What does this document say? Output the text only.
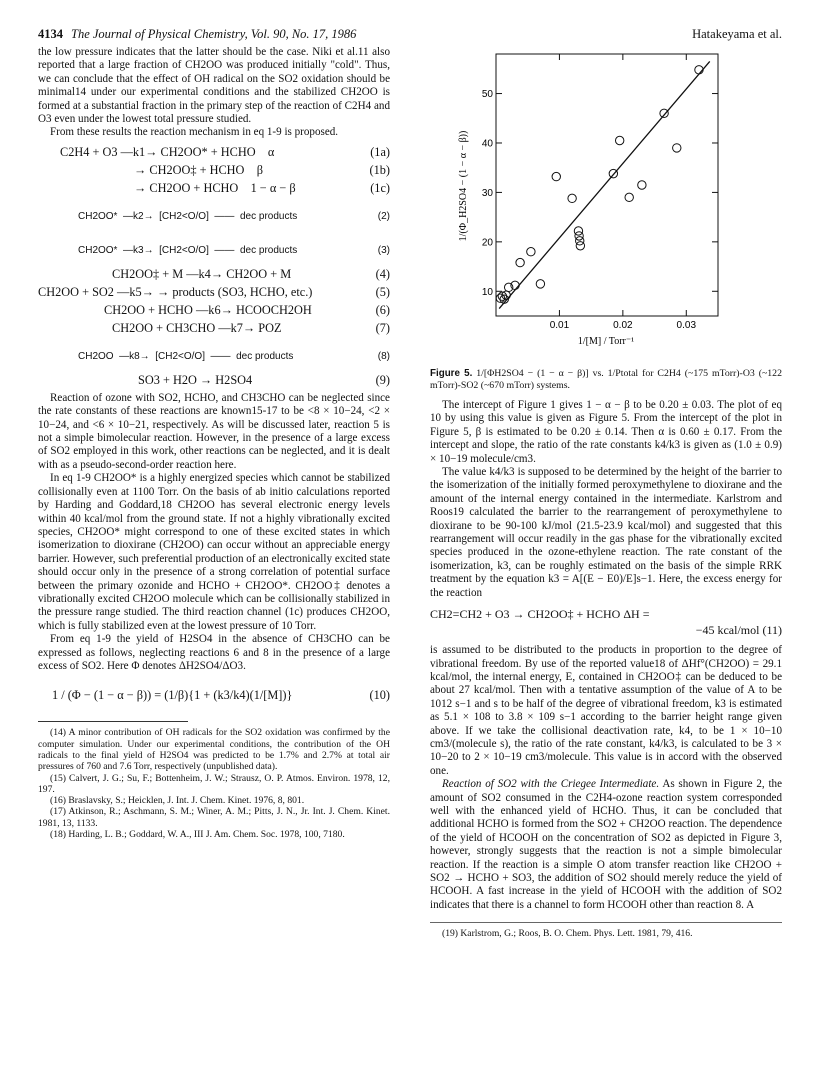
4134 The Journal of Physical Chemistry, Vol. 90, No. 17, 1986	Hatakeyama et al.

the low pressure indicates that the latter should be the case. Niki et al.11 also reported that a large fraction of CH2OO was produced initially "cold". Thus, we can conclude that the effect of OH radical on the SO2 oxidation should be minimal14 under our experimental conditions and the stabilized CH2OO is formed at a substantial fraction in the primary step of the reaction of C2H4 and O3 even under the lowest total pressure studied.

From these results the reaction mechanism in eq 1-9 is proposed.

C2H4 + O3 —k1→ CH2OO* + HCHO    α	(1a)
→ CH2OO‡ + HCHO    β	(1b)
→ CH2OO + HCHO    1 − α − β	(1c)
CH2OO*  —k2→  [CH2<O/O]  ——  dec products	(2)
CH2OO*  —k3→  [CH2<O/O]  ——  dec products	(3)
CH2OO‡ + M —k4→ CH2OO + M	(4)
CH2OO + SO2 —k5→ → products (SO3, HCHO, etc.)	(5)
CH2OO + HCHO —k6→ HCOOCH2OH	(6)
CH2OO + CH3CHO —k7→ POZ	(7)
CH2OO  —k8→  [CH2<O/O]  ——  dec products	(8)
SO3 + H2O → H2SO4	(9)

Reaction of ozone with SO2, HCHO, and CH3CHO can be neglected since the rate constants of these reactions are known15-17 to be <8 × 10−24, <2 × 10−24, and <6 × 10−21, respectively. As will be discussed later, reaction 5 is not a simple bimolecular reaction. However, in the presence of a large excess of SO2 employed in this work, other reactions can be neglected, and it is dealt with as a pseudo-second-order reaction here.

In eq 1-9 CH2OO* is a highly energized species which cannot be stabilized collisionally even at 1100 Torr. On the basis of ab initio calculations reported by Harding and Goddard,18 CH2OO has several electronic energy levels within 40 kcal/mol from the ground state. If not a highly vibrationally excited species, CH2OO* might correspond to one of these excited states in which isomerization to dioxirane (CH2OO) can occur without an appreciable energy barrier. However, such preferential production of an electronically excited state should occur only in the presence of a strong correlation of potential surface between the primary ozonide and HCHO + CH2OO*. CH2OO‡ denotes a vibrationally excited CH2OO molecule which can be collisionally stabilized in the pressure range studied. The third reaction channel (1c) produces CH2OO, which is fully stabilized even at the lowest pressure of 10 Torr.

From eq 1-9 the yield of H2SO4 in the absence of CH3CHO can be expressed as follows, neglecting reactions 6 and 8 in the presence of a large excess of SO2. Here Φ denotes ΔH2SO4/ΔO3.

1 / (Φ − (1 − α − β)) = (1/β){1 + (k3/k4)(1/[M])}	(10)

(14) A minor contribution of OH radicals for the SO2 oxidation was confirmed by the computer simulation. Under our experimental conditions, the contribution of the OH radicals to the final yield of H2SO4 was predicted to be 1.7% and 2.7% at total air pressures of 760 and 7.6 Torr, respectively (unpublished data).

(15) Calvert, J. G.; Su, F.; Bottenheim, J. W.; Strausz, O. P. Atmos. Environ. 1978, 12, 197.

(16) Braslavsky, S.; Heicklen, J. Int. J. Chem. Kinet. 1976, 8, 801.

(17) Atkinson, R.; Aschmann, S. M.; Winer, A. M.; Pitts, J. N., Jr. Int. J. Chem. Kinet. 1981, 13, 1133.

(18) Harding, L. B.; Goddard, W. A., III J. Am. Chem. Soc. 1978, 100, 7180.

10
20
30
40
50
0.01	0.02	0.03
1/(Φ_H2SO4 − (1 − α − β))
1/[M] / Torr⁻¹

Figure 5. 1/[ΦH2SO4 − (1 − α − β)] vs. 1/Ptotal for C2H4 (~175 mTorr)-O3 (~122 mTorr)-SO2 (~670 mTorr) systems.

The intercept of Figure 1 gives 1 − α − β to be 0.20 ± 0.03. The plot of eq 10 by using this value is given as Figure 5. From the intercept of the plot in Figure 5, β is estimated to be 0.20 ± 0.14. Then α is 0.60 ± 0.17. From the intercept and slope, the ratio of the rate constants k4/k3 is given as (1.0 ± 0.9) × 10−19 molecule/cm3.

The value k4/k3 is supposed to be determined by the height of the barrier to the isomerization of the initially formed peroxymethylene to dioxirane and the amount of the internal energy contained in the intermediate. Karlstrom and Roos19 calculated the barrier to the rearrangement of peroxymethylene to dioxirane to be 90-100 kJ/mol (21.5-23.9 kcal/mol) and suggested that this rearrangement will occur readily in the gas phase for the vibrationally excited species produced in the ozone-ethylene reaction. The rate constant of the isomerization, k3, can be roughly estimated on the basis of the simple RRK treatment by the equation k3 = A[(E − E0)/E]s−1. Here, the excess energy for the reaction

CH2=CH2 + O3 → CH2OO‡ + HCHO ΔH =
−45 kcal/mol (11)

is assumed to be distributed to the products in proportion to the degree of vibrational freedom. By use of the reported value18 of ΔHf°(CH2OO) = 29.1 kcal/mol, the internal energy, E, contained in CH2OO‡ can be deduced to be about 27 kcal/mol. Then with a tentative assumption of the value of A to be 1012 s−1 and s to be half of the degree of vibrational freedom, k3 is estimated as 5.1 × 108 to 3.8 × 109 s−1 according to the barrier height range given above. If we take the collisional deactivation rate, k4, to be 1 × 10−10 cm3/(molecule s), the ratio of the rate constant, k4/k3, is calculated to be 3 × 10−20 to 2 × 10−19 cm3/molecule. This value is in accord with the observed one.

Reaction of SO2 with the Criegee Intermediate. As shown in Figure 2, the amount of SO2 consumed in the C2H4-ozone reaction system corresponded well with the enhanced yield of HCHO. Thus, it can be concluded that additional HCHO is formed from the SO2 + CH2OO reaction. The dependence of the yield of HCOOH on the concentration of SO2 as depicted in Figure 3, however, strongly suggests that the reaction is not a simple bimolecular reaction. If the reaction is a simple O atom transfer reaction like CH2OO + SO2 → HCHO + SO3, the addition of SO2 should merely reduce the yield of HCOOH. A fast increase in the yield of HCOOH with the addition of SO2 indicates that there is a channel to form HCOOH other than reaction 8. A

(19) Karlstrom, G.; Roos, B. O. Chem. Phys. Lett. 1981, 79, 416.
